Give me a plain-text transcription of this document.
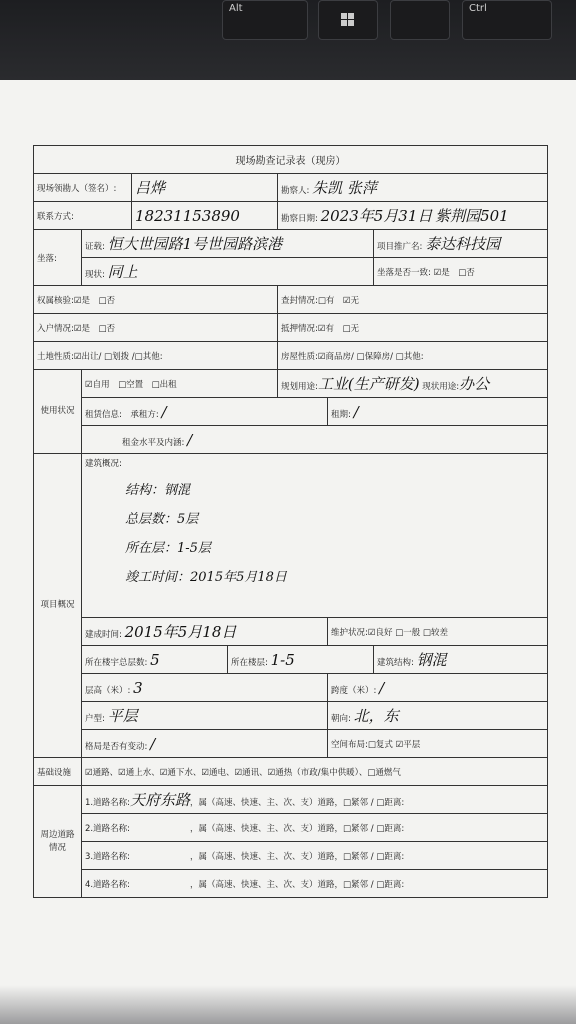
Alt	Ctrl
现场勘查记录表（现房）						
现场领勘人（签名）:		吕烨		勘察人: 朱凯 张萍		
联系方式:		18231153890		勘察日期: 2023年5月31日 紫荆园501		
坐落:	证载: 恒大世园路1号世园路滨港					项目推广名: 泰达科技园
	现状: 同上					坐落是否一致: ☑是　 □否
权属核验:☑是　□否				查封情况:□有　☑无		
入户情况:☑是　□否				抵押情况:☑有　□无		
土地性质:☑出让/ □划拨 /□其他:				房屋性质:☑商品房/ □保障房/ □其他:		
使用状况	☑自用　□空置　□出租			规划用途:工业(生产研发) 现状用途:办公		
	租赁信息:　承租方: /				租期: /	
	租金水平及内涵: /					
项目概况	建筑概况:
结构：钢混
总层数：5层
所在层：1-5层
竣工时间：2015年5月18日					

	建成时间: 2015年5月18日				维护状况:☑良好 □一般 □较差	
	所在楼宇总层数: 5		所在楼层: 1-5			建筑结构: 钢混
	层高（米）: 3				跨度（米）: /	
	户型: 平层				朝向: 北，东	
	格局是否有变动: /				空间布局:□复式 ☑平层	
基础设施	☑通路、☑通上水、☑通下水、☑通电、☑通讯、☑通热（市政/集中供暖）、□通燃气					
周边道路情况	1.道路名称:天府东路，属（高速、快速、主、次、支）道路，□紧邻 / □距离:					
	2.道路名称: ，属（高速、快速、主、次、支）道路，□紧邻 / □距离:					
	3.道路名称: ，属（高速、快速、主、次、支）道路，□紧邻 / □距离:					
	4.道路名称: ，属（高速、快速、主、次、支）道路，□紧邻 / □距离:					
